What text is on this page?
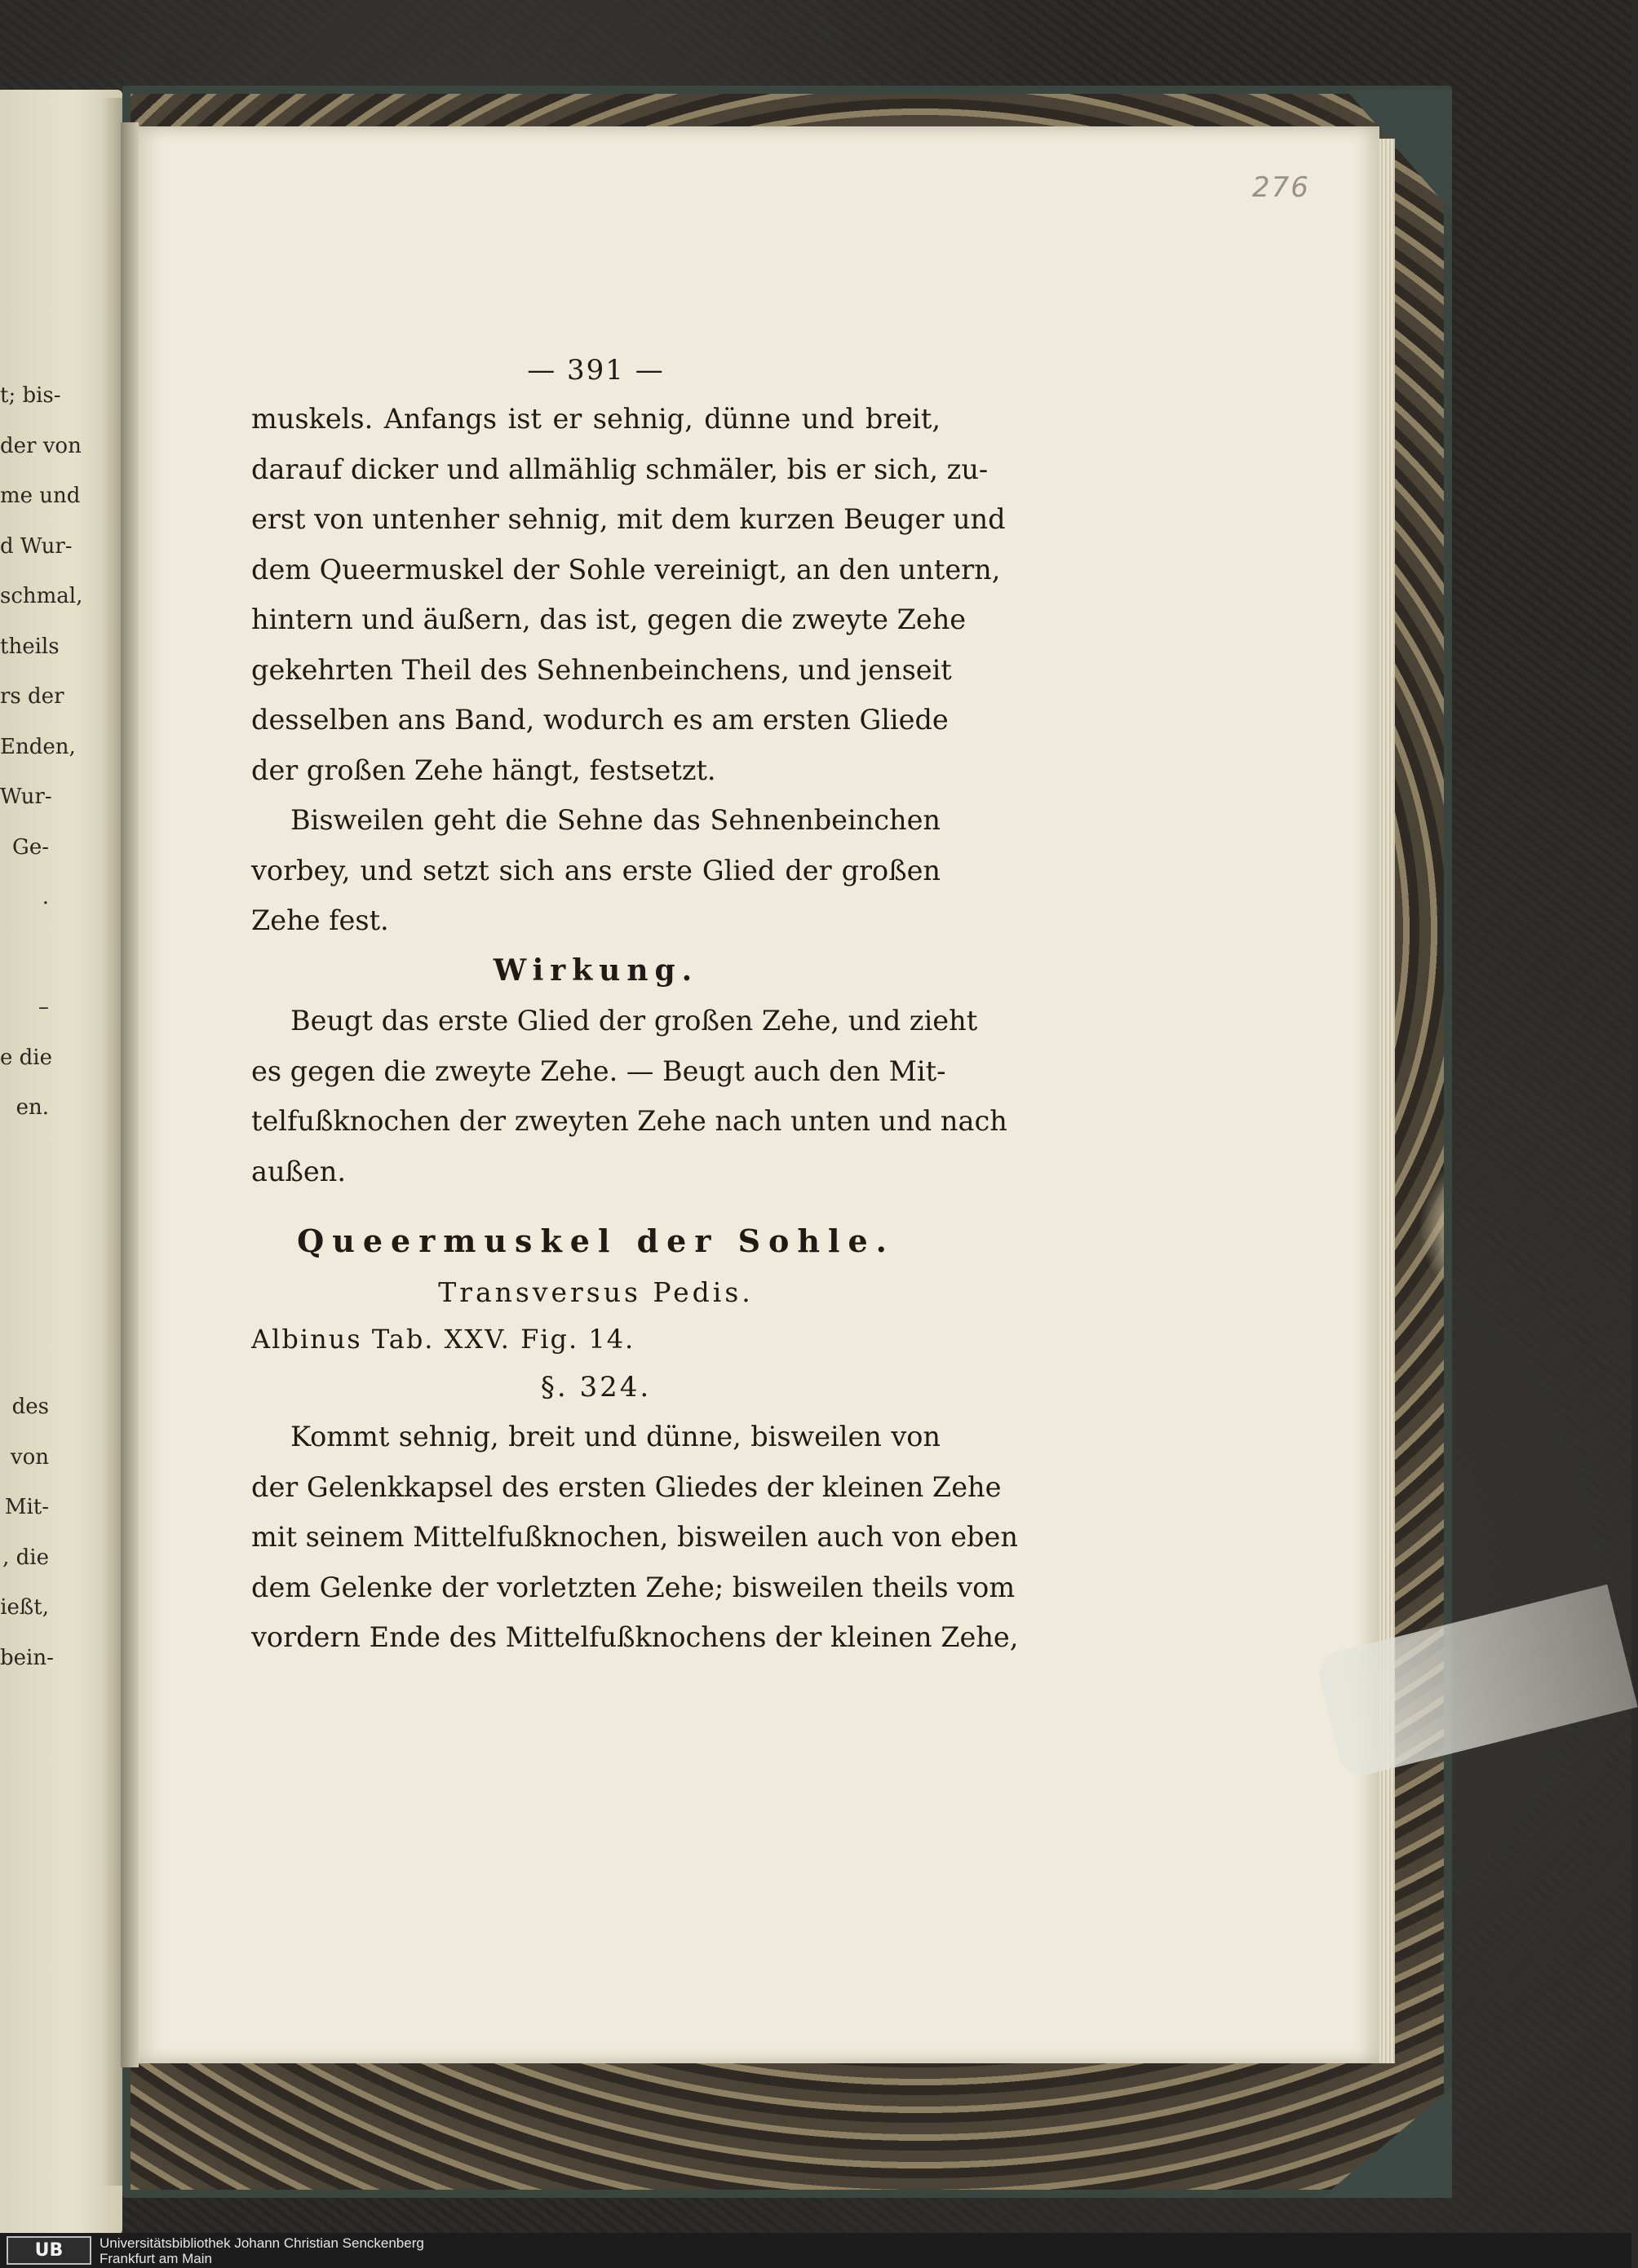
t; bis-
der von
me und
d Wur-
schmal,
theils
rs der
Enden,
Wur-
Ge-
.
–
e die
en.
des
von
Mit-
, die
ießt,
bein-
276
— 391 —
muskels. Anfangs ist er sehnig, dünne und breit,
darauf dicker und allmählig schmäler, bis er sich, zu-
erst von untenher sehnig, mit dem kurzen Beuger und
dem Queermuskel der Sohle vereinigt, an den untern,
hintern und äußern, das ist, gegen die zweyte Zehe
gekehrten Theil des Sehnenbeinchens, und jenseit
desselben ans Band, wodurch es am ersten Gliede
der großen Zehe hängt, festsetzt.
Bisweilen geht die Sehne das Sehnenbeinchen
vorbey, und setzt sich ans erste Glied der großen
Zehe fest.
Wirkung.
Beugt das erste Glied der großen Zehe, und zieht
es gegen die zweyte Zehe. — Beugt auch den Mit-
telfußknochen der zweyten Zehe nach unten und nach
außen.
Queermuskel der Sohle.
Transversus Pedis.
Albinus Tab. XXV. Fig. 14.
§. 324.
Kommt sehnig, breit und dünne, bisweilen von
der Gelenkkapsel des ersten Gliedes der kleinen Zehe
mit seinem Mittelfußknochen, bisweilen auch von eben
dem Gelenke der vorletzten Zehe; bisweilen theils vom
vordern Ende des Mittelfußknochens der kleinen Zehe,
UB	Universitätsbibliothek Johann Christian Senckenberg
Frankfurt am Main
